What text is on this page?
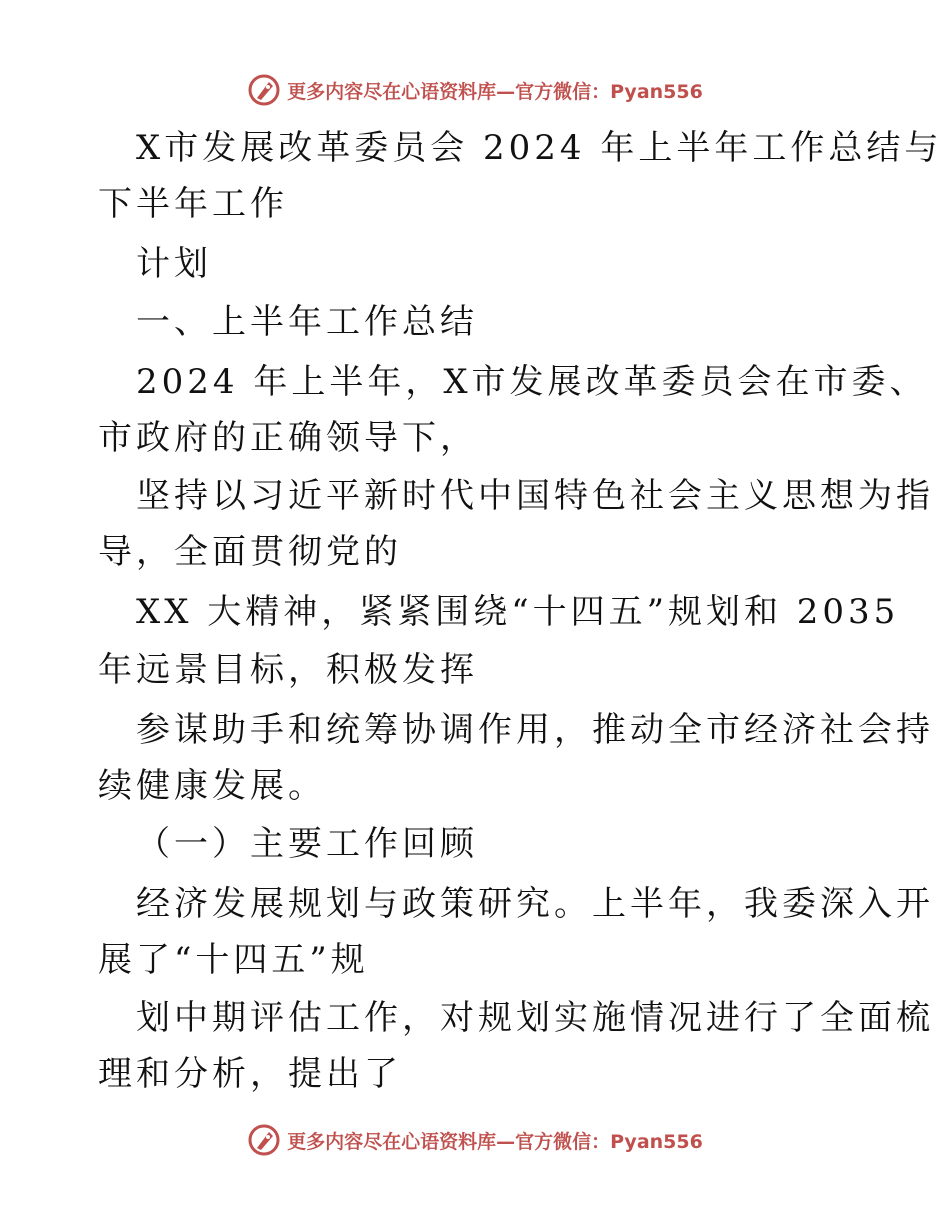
更多内容尽在心语资料库—官方微信：Pyan556
X市发展改革委员会 2024 年上半年工作总结与
下半年工作
计划
一、上半年工作总结
2024 年上半年，X市发展改革委员会在市委、
市政府的正确领导下，
坚持以习近平新时代中国特色社会主义思想为指
导，全面贯彻党的
XX 大精神，紧紧围绕“十四五”规划和 2035
年远景目标，积极发挥
参谋助手和统筹协调作用，推动全市经济社会持
续健康发展。
（一）主要工作回顾
经济发展规划与政策研究。上半年，我委深入开
展了“十四五”规
划中期评估工作，对规划实施情况进行了全面梳
理和分析，提出了
更多内容尽在心语资料库—官方微信：Pyan556
